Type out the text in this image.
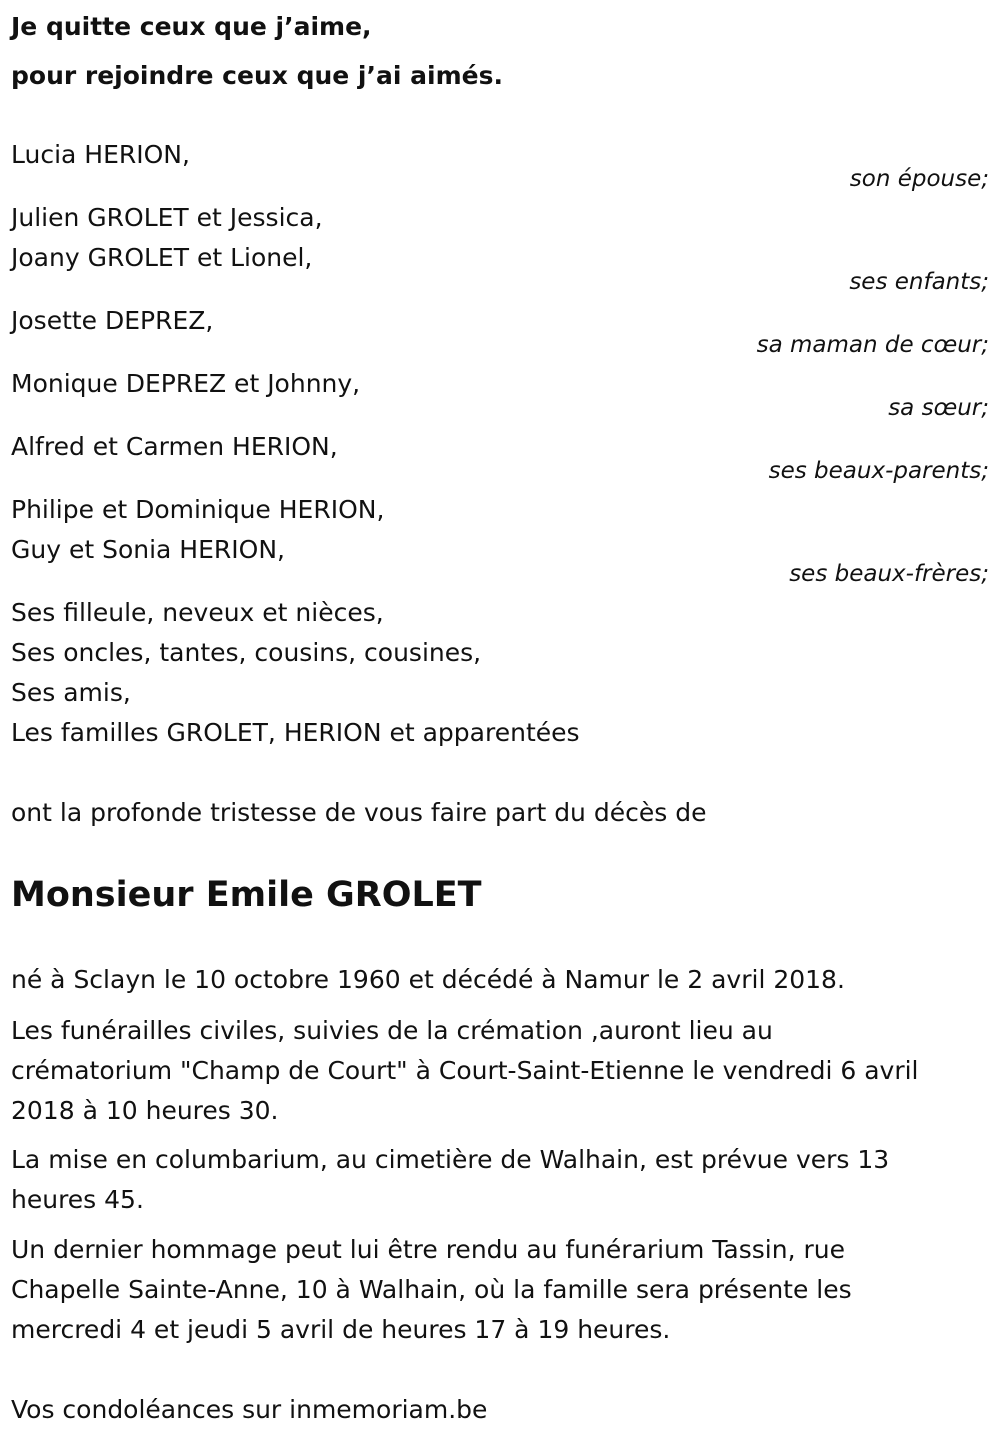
Je quitte ceux que j’aime,
pour rejoindre ceux que j’ai aimés.
Lucia HERION,
son épouse;
Julien GROLET et Jessica,
Joany GROLET et Lionel,
ses enfants;
Josette DEPREZ,
sa maman de cœur;
Monique DEPREZ et Johnny,
sa sœur;
Alfred et Carmen HERION,
ses beaux-parents;
Philipe et Dominique HERION,
Guy et Sonia HERION,
ses beaux-frères;
Ses filleule, neveux et nièces,
Ses oncles, tantes, cousins, cousines,
Ses amis,
Les familles GROLET, HERION et apparentées
ont la profonde tristesse de vous faire part du décès de
Monsieur Emile GROLET
né à Sclayn le 10 octobre 1960 et décédé à Namur le 2 avril 2018.
Les funérailles civiles, suivies de la crémation ,auront lieu au
crématorium "Champ de Court" à Court-Saint-Etienne le vendredi 6 avril
2018 à 10 heures 30.
La mise en columbarium, au cimetière de Walhain, est prévue vers 13
heures 45.
Un dernier hommage peut lui être rendu au funérarium Tassin, rue
Chapelle Sainte-Anne, 10 à Walhain, où la famille sera présente les
mercredi 4 et jeudi 5 avril de heures 17 à 19 heures.
Vos condoléances sur inmemoriam.be
